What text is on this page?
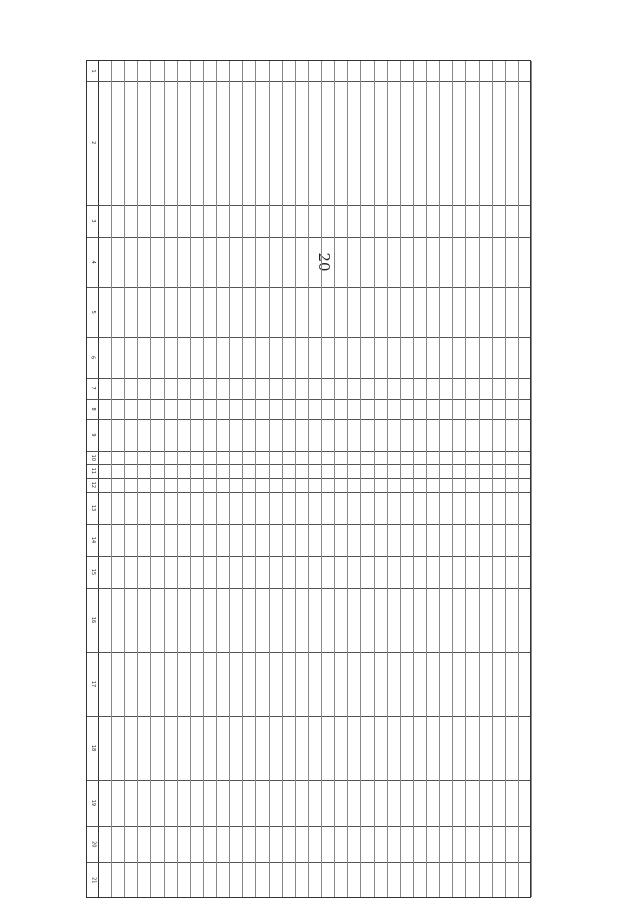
20
1
2
3
4
5
6
7
8
9
10
11
12
13
14
15
16
17
18
19
20
21
